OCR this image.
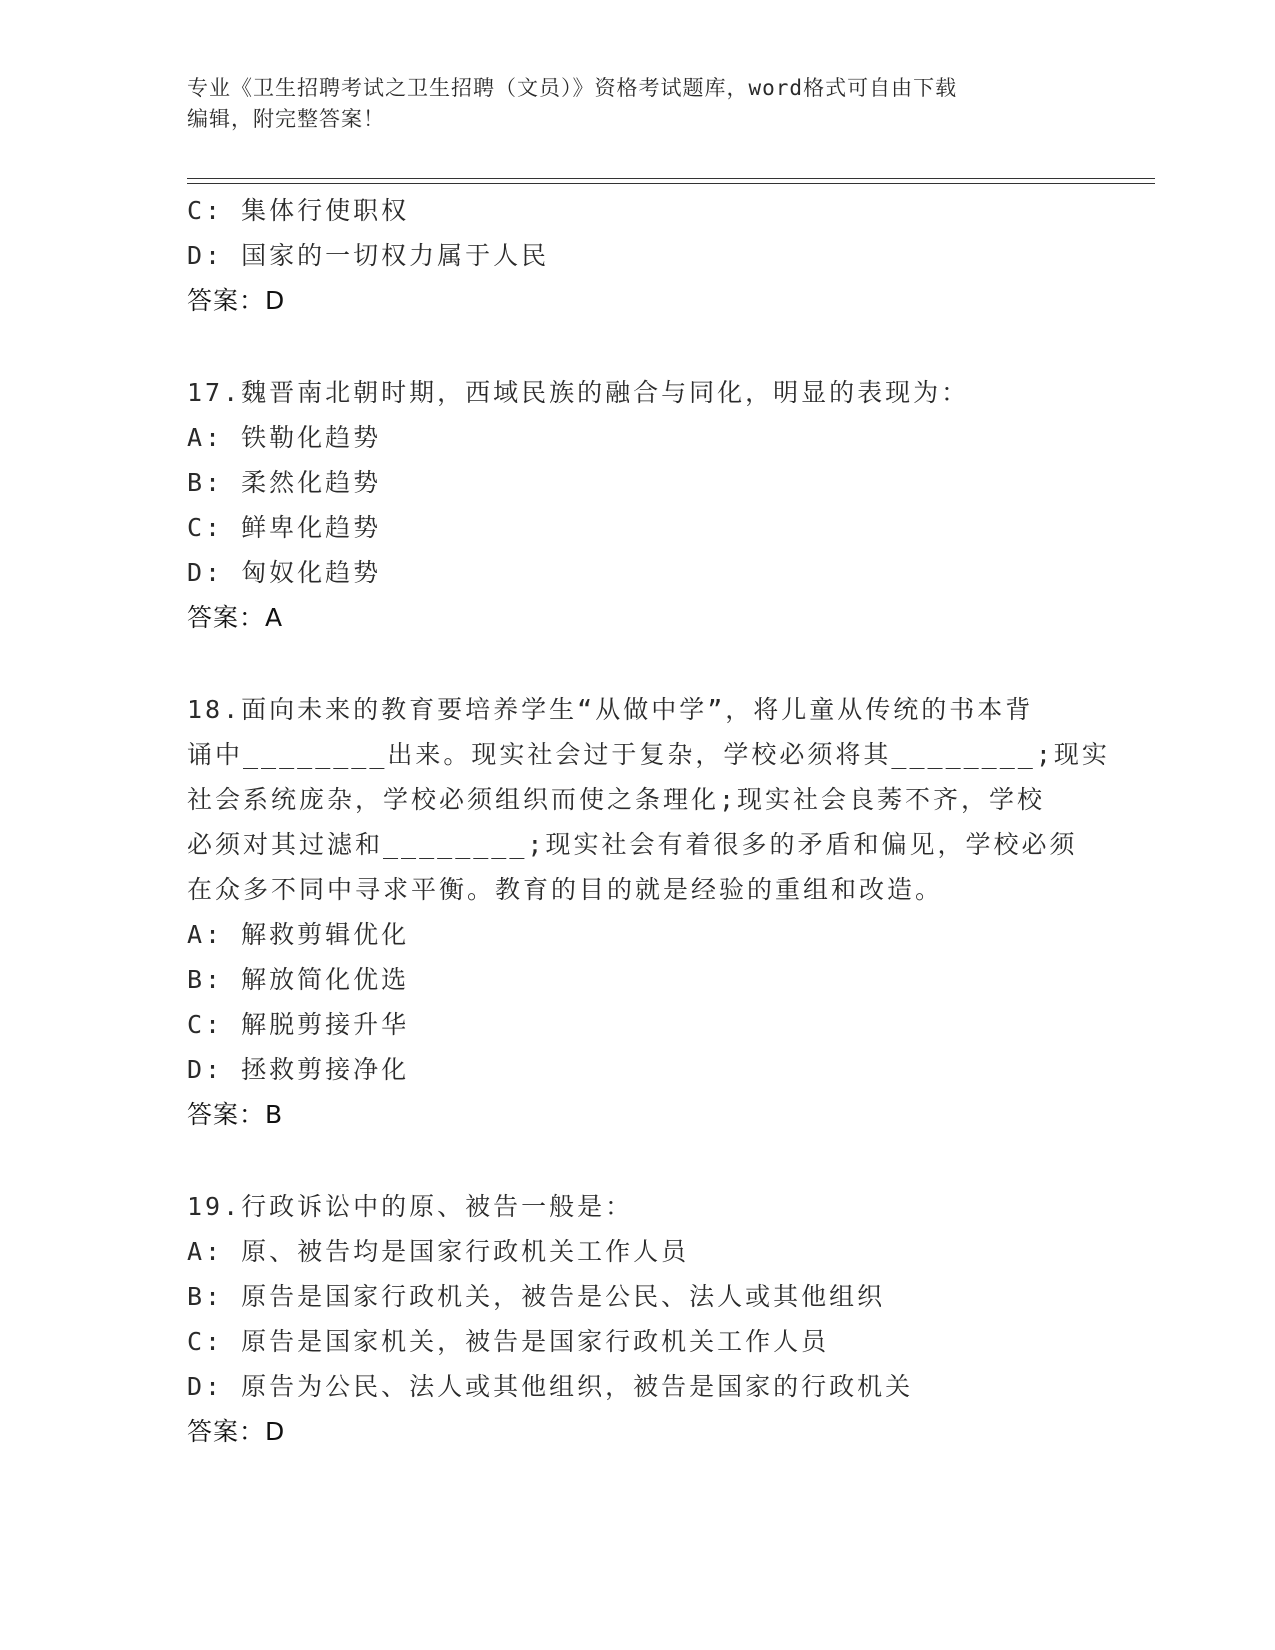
专业《卫生招聘考试之卫生招聘（文员）》资格考试题库，word格式可自由下载
编辑，附完整答案！
C: 集体行使职权
D: 国家的一切权力属于人民
答案：D
17.魏晋南北朝时期，西域民族的融合与同化，明显的表现为：
A: 铁勒化趋势
B: 柔然化趋势
C: 鲜卑化趋势
D: 匈奴化趋势
答案：A
18.面向未来的教育要培养学生“从做中学”，将儿童从传统的书本背
诵中________出来。现实社会过于复杂，学校必须将其________;现实
社会系统庞杂，学校必须组织而使之条理化;现实社会良莠不齐，学校
必须对其过滤和________;现实社会有着很多的矛盾和偏见，学校必须
在众多不同中寻求平衡。教育的目的就是经验的重组和改造。
A: 解救剪辑优化
B: 解放简化优选
C: 解脱剪接升华
D: 拯救剪接净化
答案：B
19.行政诉讼中的原、被告一般是：
A: 原、被告均是国家行政机关工作人员
B: 原告是国家行政机关，被告是公民、法人或其他组织
C: 原告是国家机关，被告是国家行政机关工作人员
D: 原告为公民、法人或其他组织，被告是国家的行政机关
答案：D
